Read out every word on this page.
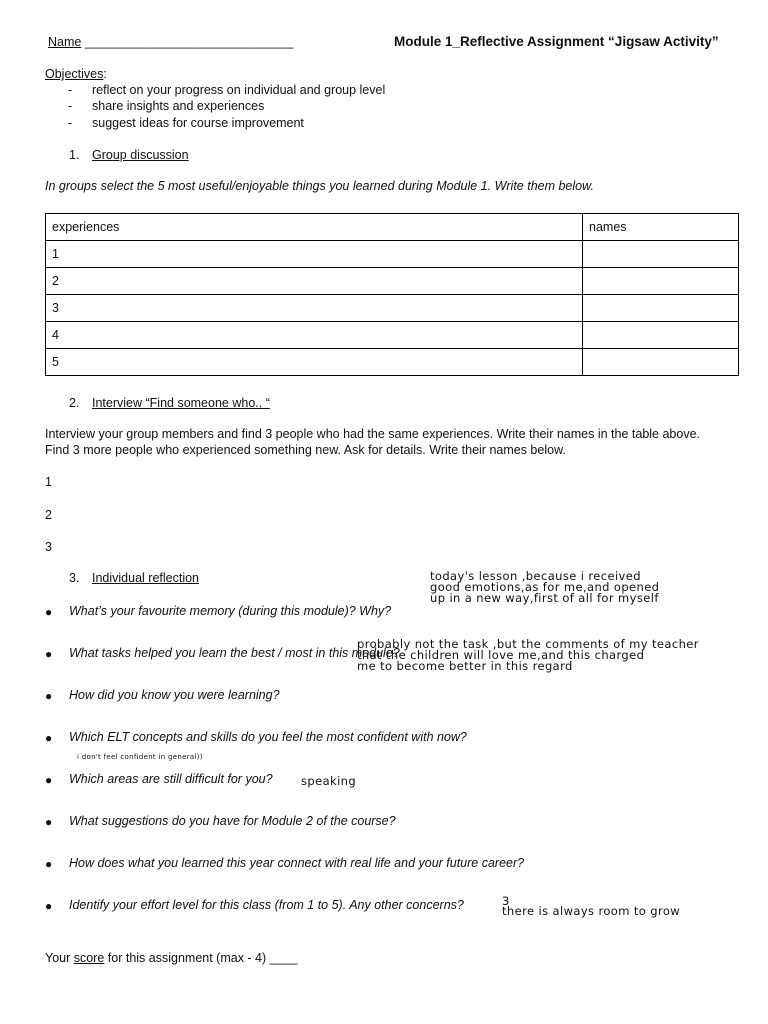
Name ______________________________	Module 1_Reflective Assignment “Jigsaw Activity”
Objectives:
- reflect on your progress on individual and group level
- share insights and experiences
- suggest ideas for course improvement
1. Group discussion
In groups select the 5 most useful/enjoyable things you learned during Module 1. Write them below.
experiences	names
1	
2	
3	
4	
5	
2. Interview “Find someone who.. “
Interview your group members and find 3 people who had the same experiences. Write their names in the table above.
Find 3 more people who experienced something new. Ask for details. Write their names below.
1
2
3
3. Individual reflection
● What’s your favourite memory (during this module)? Why?
● What tasks helped you learn the best / most in this module?
● How did you know you were learning?
● Which ELT concepts and skills do you feel the most confident with now?
● Which areas are still difficult for you?
● What suggestions do you have for Module 2 of the course?
● How does what you learned this year connect with real life and your future career?
● Identify your effort level for this class (from 1 to 5). Any other concerns?
today's lesson ,because i received
good emotions,as for me,and opened
up in a new way,first of all for myself
probably not the task ,but the comments of my teacher
that the children will love me,and this charged
me to become better in this regard
i don't feel confident in general))
speaking
3
there is always room to grow
Your score for this assignment (max - 4) ____
